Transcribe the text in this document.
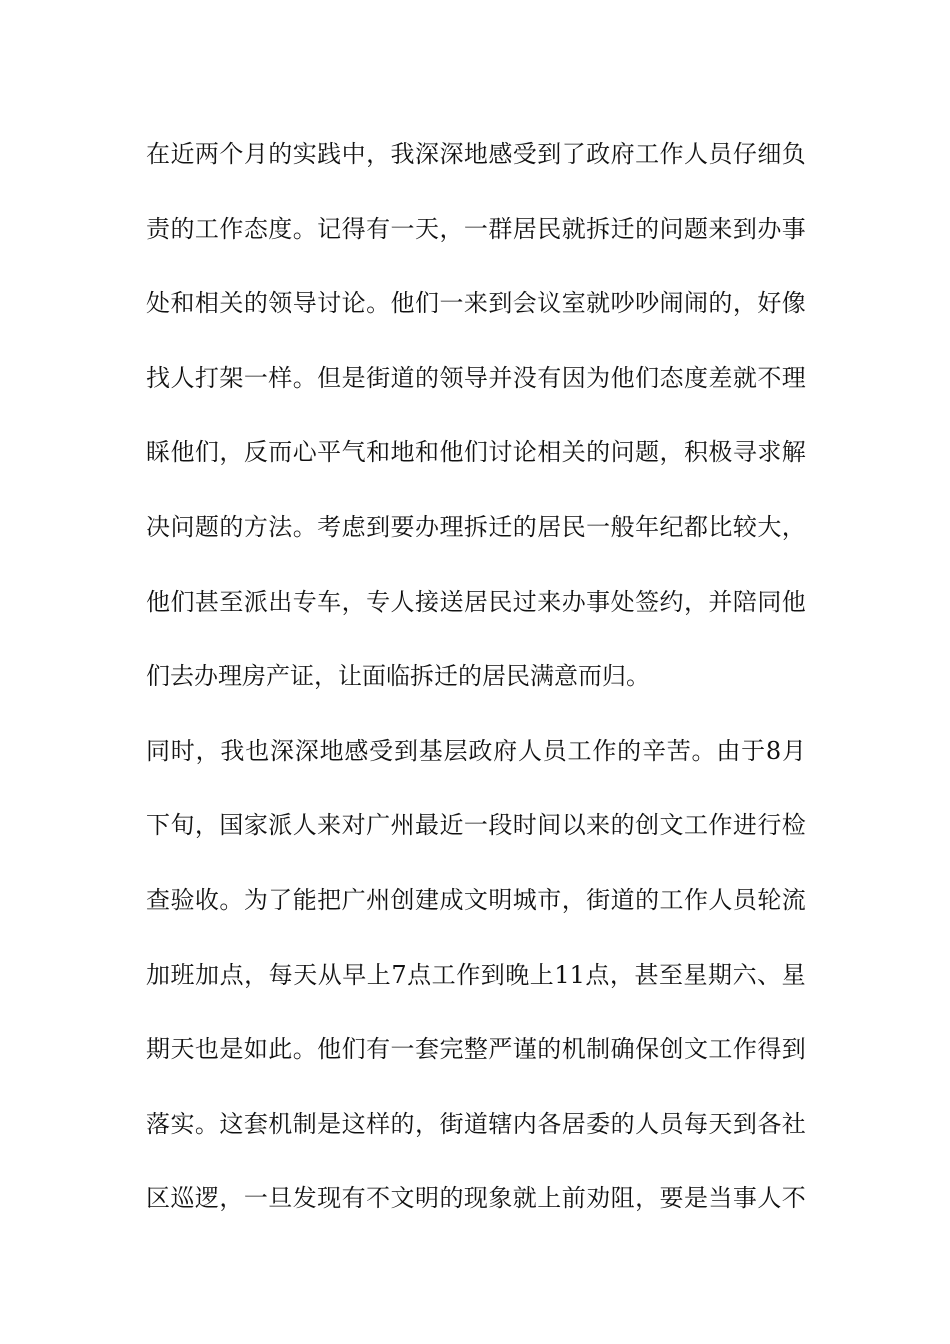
在 近 两 个 月 的 实 践 中 ， 我 深 深 地 感 受 到 了 政 府 工 作 人 员 仔 细 负
责 的 工 作 态 度 。 记 得 有 一 天 ， 一 群 居 民 就 拆 迁 的 问 题 来 到 办 事
处 和 相 关 的 领 导 讨 论 。 他 们 一 来 到 会 议 室 就 吵 吵 闹 闹 的 ， 好 像
找 人 打 架 一 样 。 但 是 街 道 的 领 导 并 没 有 因 为 他 们 态 度 差 就 不 理
睬 他 们 ， 反 而 心 平 气 和 地 和 他 们 讨 论 相 关 的 问 题 ， 积 极 寻 求 解
决 问 题 的 方 法 。 考 虑 到 要 办 理 拆 迁 的 居 民 一 般 年 纪 都 比 较 大 ，
他 们 甚 至 派 出 专 车 ， 专 人 接 送 居 民 过 来 办 事 处 签 约 ， 并 陪 同 他
们 去 办 理 房 产 证 ， 让 面 临 拆 迁 的 居 民 满 意 而 归 。
同 时 ， 我 也 深 深 地 感 受 到 基 层 政 府 人 员 工 作 的 辛 苦 。 由 于 8 月
下 旬 ， 国 家 派 人 来 对 广 州 最 近 一 段 时 间 以 来 的 创 文 工 作 进 行 检
查 验 收 。 为 了 能 把 广 州 创 建 成 文 明 城 市 ， 街 道 的 工 作 人 员 轮 流
加 班 加 点 ， 每 天 从 早 上 7 点 工 作 到 晚 上 11 点 ， 甚 至 星 期 六 、 星
期 天 也 是 如 此 。 他 们 有 一 套 完 整 严 谨 的 机 制 确 保 创 文 工 作 得 到
落 实 。 这 套 机 制 是 这 样 的 ， 街 道 辖 内 各 居 委 的 人 员 每 天 到 各 社
区 巡 逻 ， 一 旦 发 现 有 不 文 明 的 现 象 就 上 前 劝 阻 ， 要 是 当 事 人 不
